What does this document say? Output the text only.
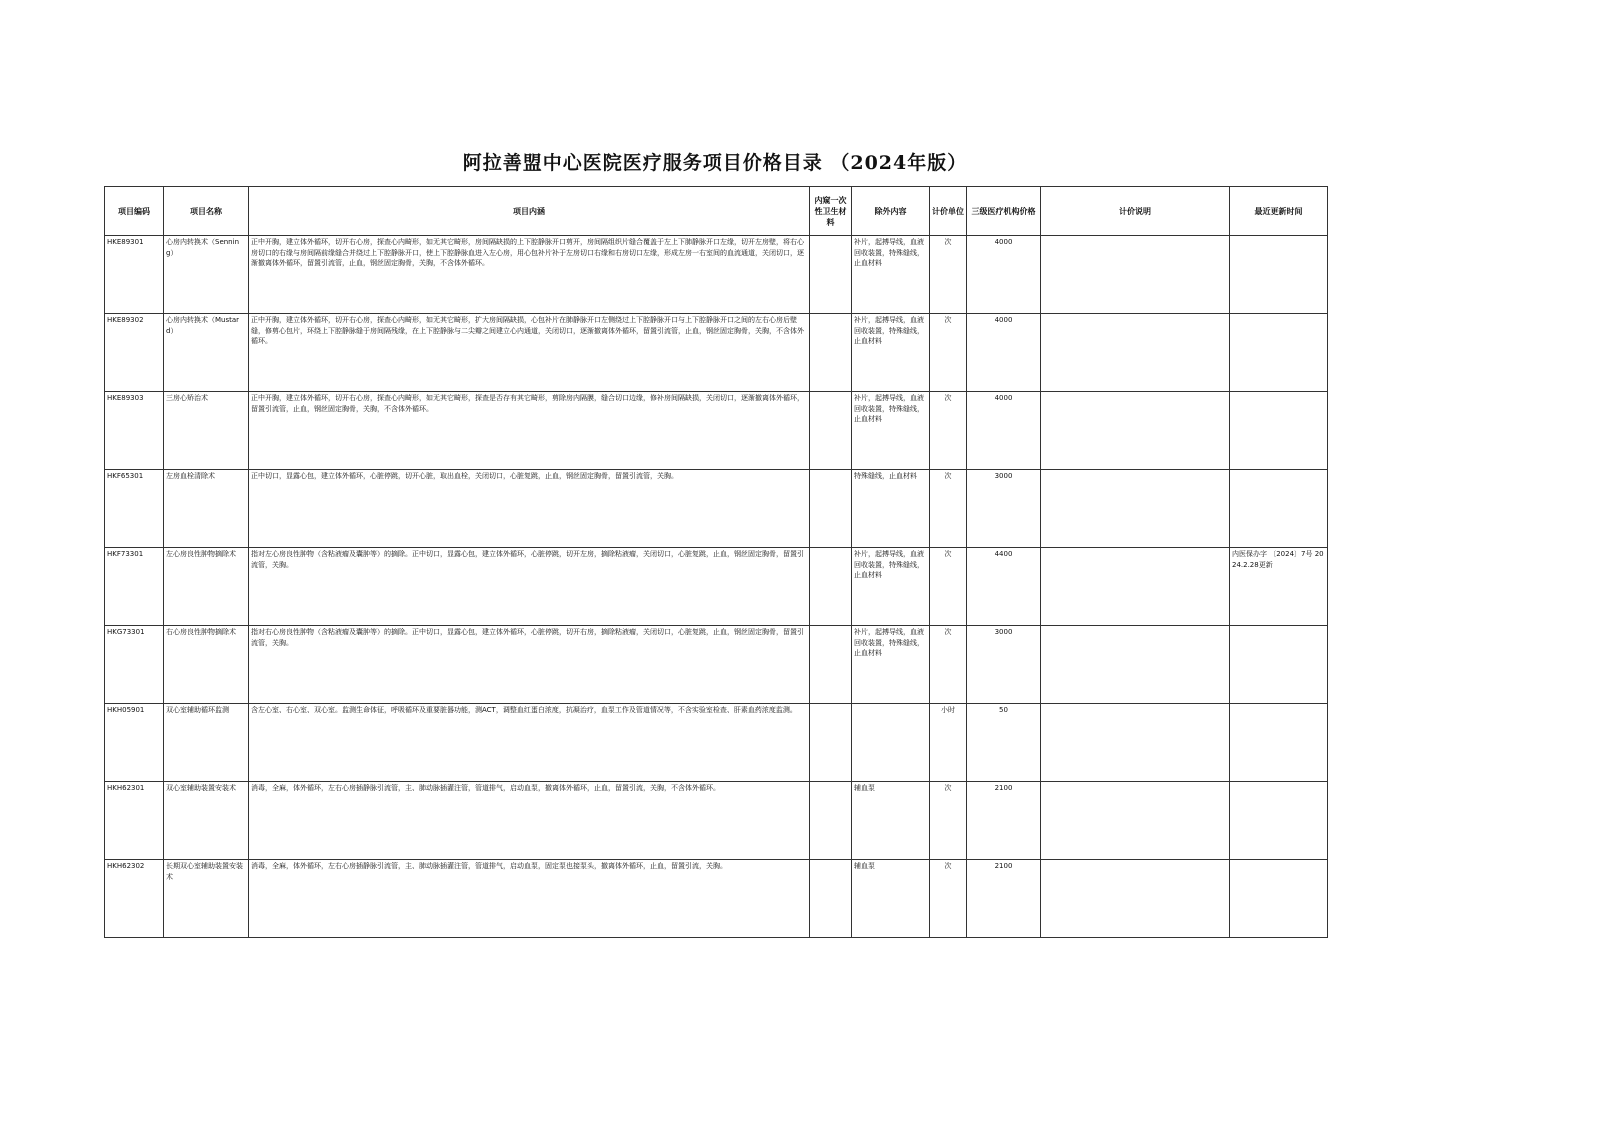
阿拉善盟中心医院医疗服务项目价格目录 （2024年版）
项目编码	项目名称	项目内涵	内窥一次性卫生材料	除外内容	计价单位	三级医疗机构价格	计价说明	最近更新时间
HKE89301	心房内转换术（Senning）	正中开胸，建立体外循环，切开右心房，探查心内畸形，如无其它畸形，房间隔缺损的上下腔静脉开口剪开，房间隔组织片缝合覆盖于左上下肺静脉开口左缘，切开左房壁，将右心房切口的右缘与房间隔前缘缝合并绕过上下腔静脉开口，使上下腔静脉血进入左心房，用心包补片补于左房切口右缘和右房切口左缘，形成左房一右室间的血流通道，关闭切口，逐渐撤离体外循环，留置引流管，止血，钢丝固定胸骨，关胸，不含体外循环。		补片，起搏导线，血液回收装置，特殊缝线，止血材料	次	4000		
HKE89302	心房内转换术（Mustard）	正中开胸，建立体外循环，切开右心房，探查心内畸形，如无其它畸形，扩大房间隔缺损，心包补片在肺静脉开口左侧绕过上下腔静脉开口与上下腔静脉开口之间的左右心房后壁缝，修剪心包片，环绕上下腔静脉缝于房间隔残缘，在上下腔静脉与二尖瓣之间建立心内通道，关闭切口，逐渐撤离体外循环，留置引流管，止血，钢丝固定胸骨，关胸，不含体外循环。		补片，起搏导线，血液回收装置，特殊缝线，止血材料	次	4000		
HKE89303	三房心矫治术	正中开胸，建立体外循环，切开右心房，探查心内畸形，如无其它畸形，探查是否存有其它畸形，剪除房内隔膜，缝合切口边缘，修补房间隔缺损，关闭切口，逐渐撤离体外循环，留置引流管，止血，钢丝固定胸骨，关胸，不含体外循环。		补片，起搏导线，血液回收装置，特殊缝线，止血材料	次	4000		
HKF65301	左房血栓清除术	正中切口，显露心包，建立体外循环，心脏停跳，切开心脏，取出血栓，关闭切口，心脏复跳，止血，钢丝固定胸骨，留置引流管，关胸。		特殊缝线，止血材料	次	3000		
HKF73301	左心房良性肿物摘除术	指对左心房良性肿物（含粘液瘤及囊肿等）的摘除。正中切口，显露心包，建立体外循环，心脏停跳，切开左房，摘除粘液瘤，关闭切口，心脏复跳，止血，钢丝固定胸骨，留置引流管，关胸。		补片，起搏导线，血液回收装置，特殊缝线，止血材料	次	4400		内医保办字 〔2024〕7号 2024.2.28更新
HKG73301	右心房良性肿物摘除术	指对右心房良性肿物（含粘液瘤及囊肿等）的摘除。正中切口，显露心包，建立体外循环，心脏停跳，切开右房，摘除粘液瘤，关闭切口，心脏复跳，止血，钢丝固定胸骨，留置引流管，关胸。		补片，起搏导线，血液回收装置，特殊缝线，止血材料	次	3000		
HKH05901	双心室辅助循环监测	含左心室、右心室、双心室。监测生命体征，呼吸循环及重要脏器功能，测ACT，调整血红蛋白浓度，抗凝治疗，血泵工作及管道情况等，不含实验室检查、肝素血药浓度监测。			小时	50		
HKH62301	双心室辅助装置安装术	消毒，全麻，体外循环，左右心房插静脉引流管，主、肺动脉插灌注管，管道排气，启动血泵，撤离体外循环，止血，留置引流，关胸，不含体外循环。		辅血泵	次	2100		
HKH62302	长期双心室辅助装置安装术	消毒，全麻，体外循环，左右心房插静脉引流管，主、肺动脉插灌注管，管道排气，启动血泵，固定泵也接泵头，撤离体外循环，止血，留置引流，关胸。		辅血泵	次	2100		
